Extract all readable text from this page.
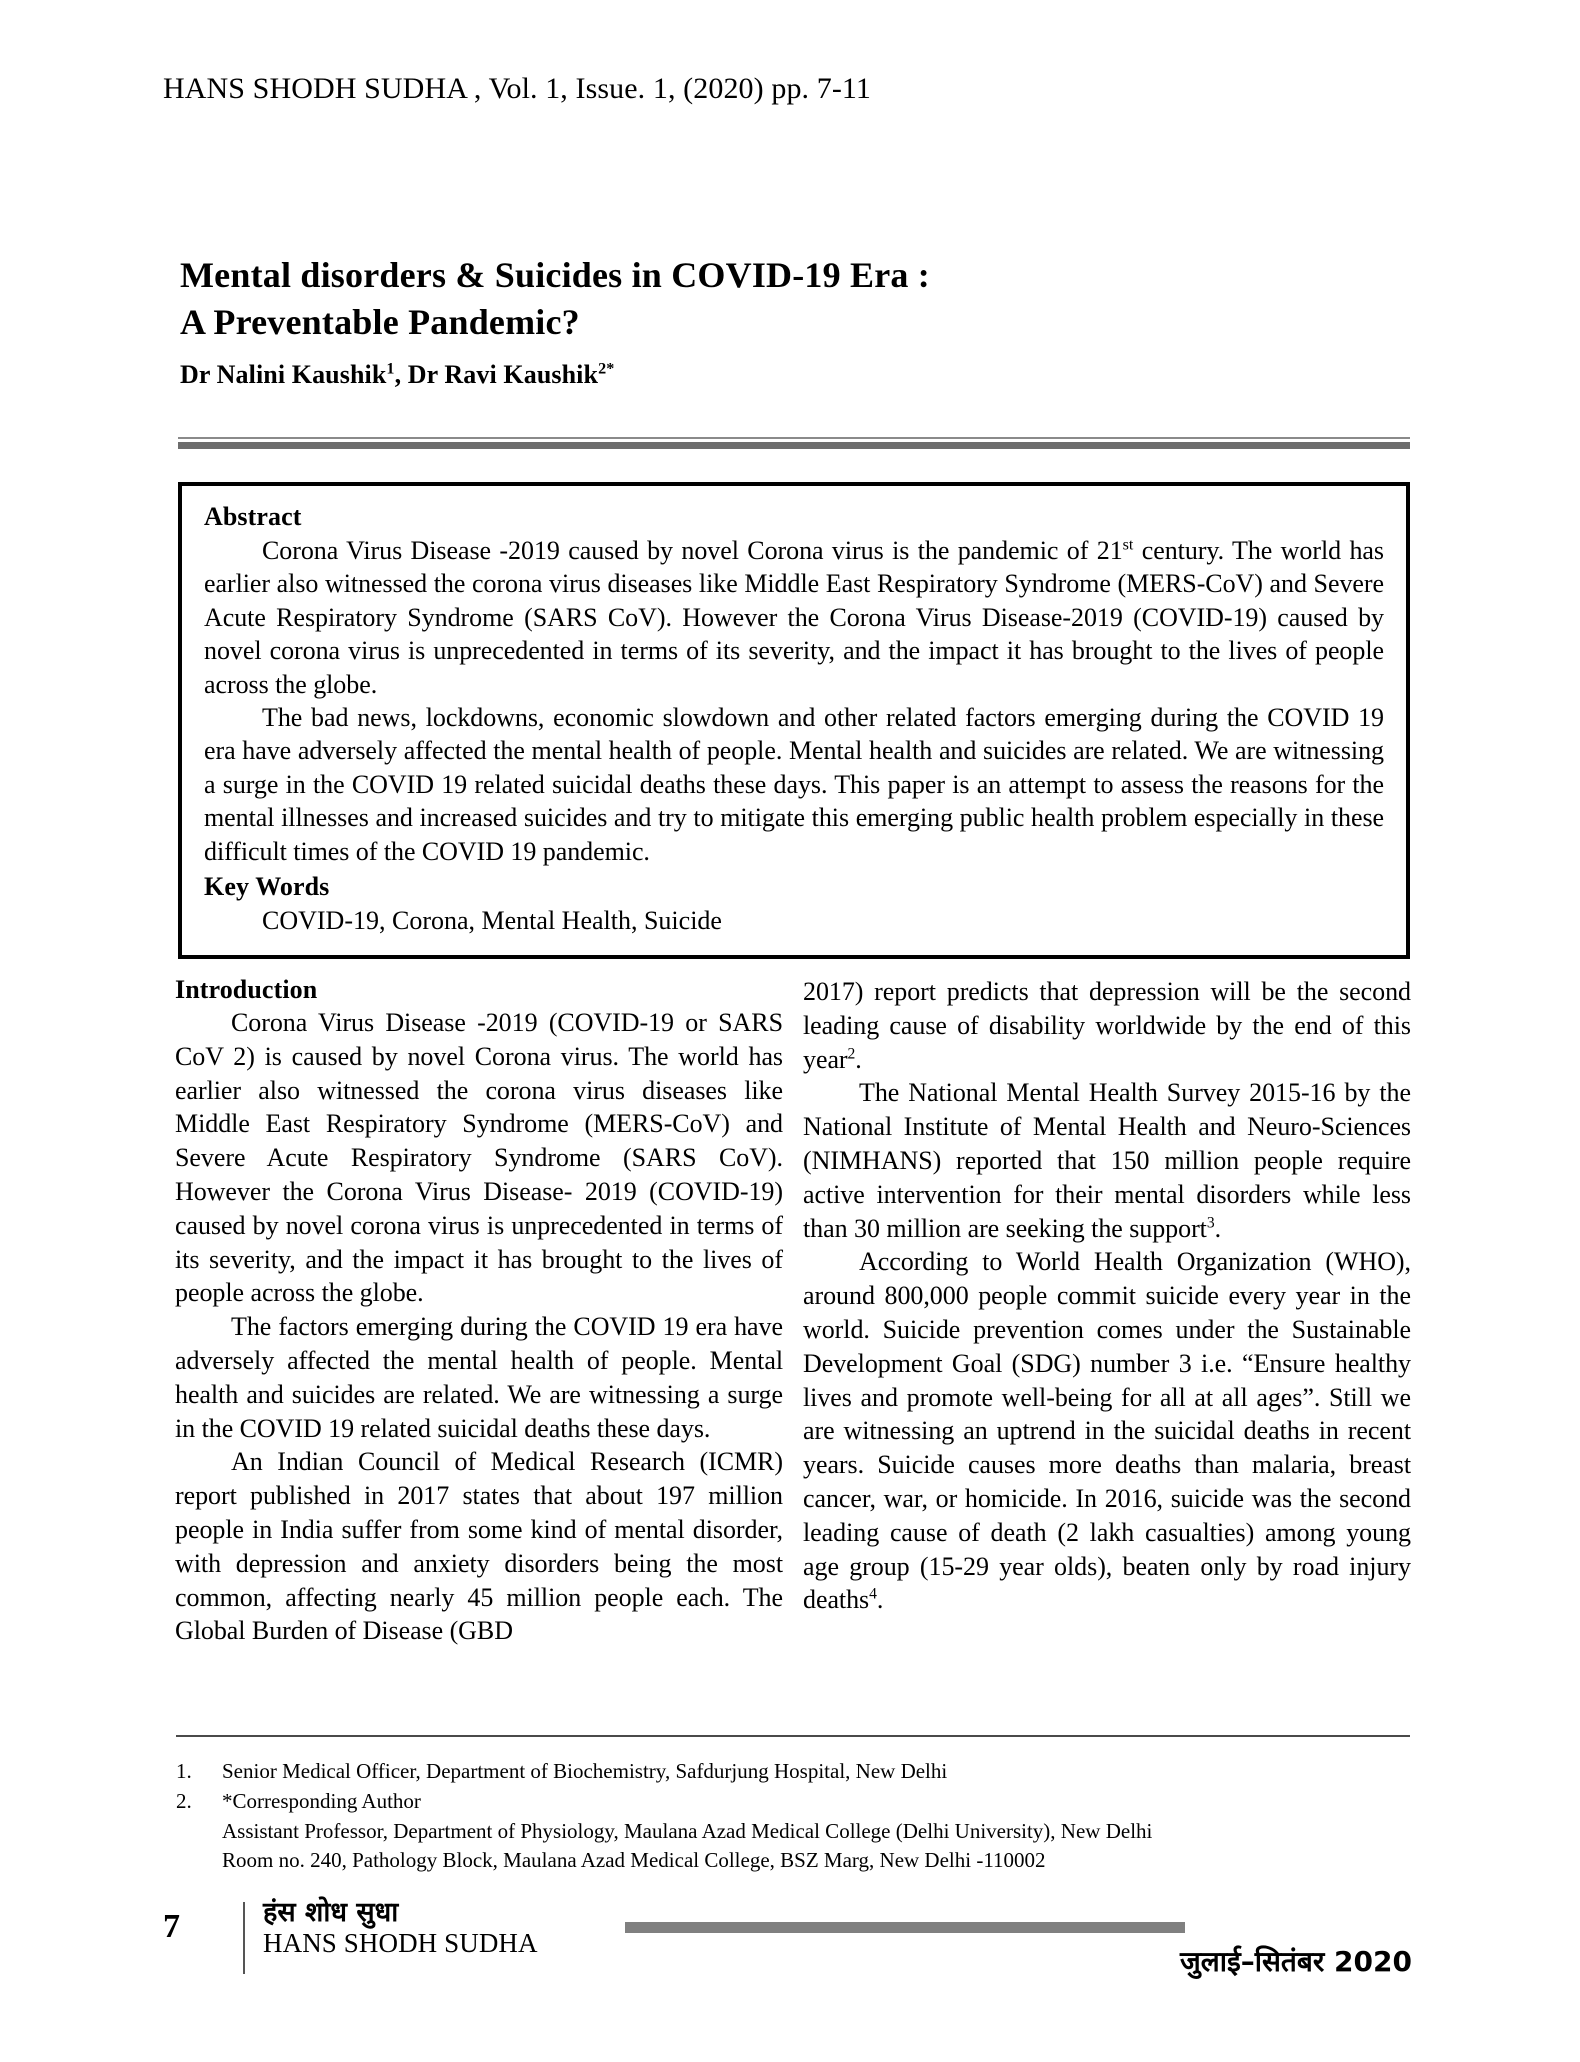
HANS SHODH SUDHA , Vol. 1, Issue. 1, (2020) pp. 7-11
Mental disorders & Suicides in COVID-19 Era :
A Preventable Pandemic?
Dr Nalini Kaushik$^1$, Dr Ravi Kaushik$^{2*}$
Abstract

Corona Virus Disease -2019 caused by novel Corona virus is the pandemic of 21st century. The world has earlier also witnessed the corona virus diseases like Middle East Respiratory Syndrome (MERS-CoV) and Severe Acute Respiratory Syndrome (SARS CoV). However the Corona Virus Disease-2019 (COVID-19) caused by novel corona virus is unprecedented in terms of its severity, and the impact it has brought to the lives of people across the globe.

The bad news, lockdowns, economic slowdown and other related factors emerging during the COVID 19 era have adversely affected the mental health of people. Mental health and suicides are related. We are witnessing a surge in the COVID 19 related suicidal deaths these days. This paper is an attempt to assess the reasons for the mental illnesses and increased suicides and try to mitigate this emerging public health problem especially in these difficult times of the COVID 19 pandemic.

Key Words

COVID-19, Corona, Mental Health, Suicide

Introduction

Corona Virus Disease -2019 (COVID-19 or SARS CoV 2) is caused by novel Corona virus. The world has earlier also witnessed the corona virus diseases like Middle East Respiratory Syndrome (MERS-CoV) and Severe Acute Respiratory Syndrome (SARS CoV). However the Corona Virus Disease- 2019 (COVID-19) caused by novel corona virus is unprecedented in terms of its severity, and the impact it has brought to the lives of people across the globe.

The factors emerging during the COVID 19 era have adversely affected the mental health of people. Mental health and suicides are related. We are witnessing a surge in the COVID 19 related suicidal deaths these days.

An Indian Council of Medical Research (ICMR) report published in 2017 states that about 197 million people in India suffer from some kind of mental disorder, with depression and anxiety disorders being the most common, affecting nearly 45 million people each. The Global Burden of Disease (GBD

2017) report predicts that depression will be the second leading cause of disability worldwide by the end of this year$^2$.

The National Mental Health Survey 2015-16 by the National Institute of Mental Health and Neuro-Sciences (NIMHANS) reported that 150 million people require active intervention for their mental disorders while less than 30 million are seeking the support$^3$.

According to World Health Organization (WHO), around 800,000 people commit suicide every year in the world. Suicide prevention comes under the Sustainable Development Goal (SDG) number 3 i.e. “Ensure healthy lives and promote well-being for all at all ages”. Still we are witnessing an uptrend in the suicidal deaths in recent years. Suicide causes more deaths than malaria, breast cancer, war, or homicide. In 2016, suicide was the second leading cause of death (2 lakh casualties) among young age group (15-29 year olds), beaten only by road injury deaths$^4$.

1.	Senior Medical Officer, Department of Biochemistry, Safdurjung Hospital, New Delhi
2.	*Corresponding Author
Assistant Professor, Department of Physiology, Maulana Azad Medical College (Delhi University), New Delhi
Room no. 240, Pathology Block, Maulana Azad Medical College, BSZ Marg, New Delhi -110002
7	हंस शोध सुधा
HANS SHODH SUDHA
जुलाई–सितंबर 2020
